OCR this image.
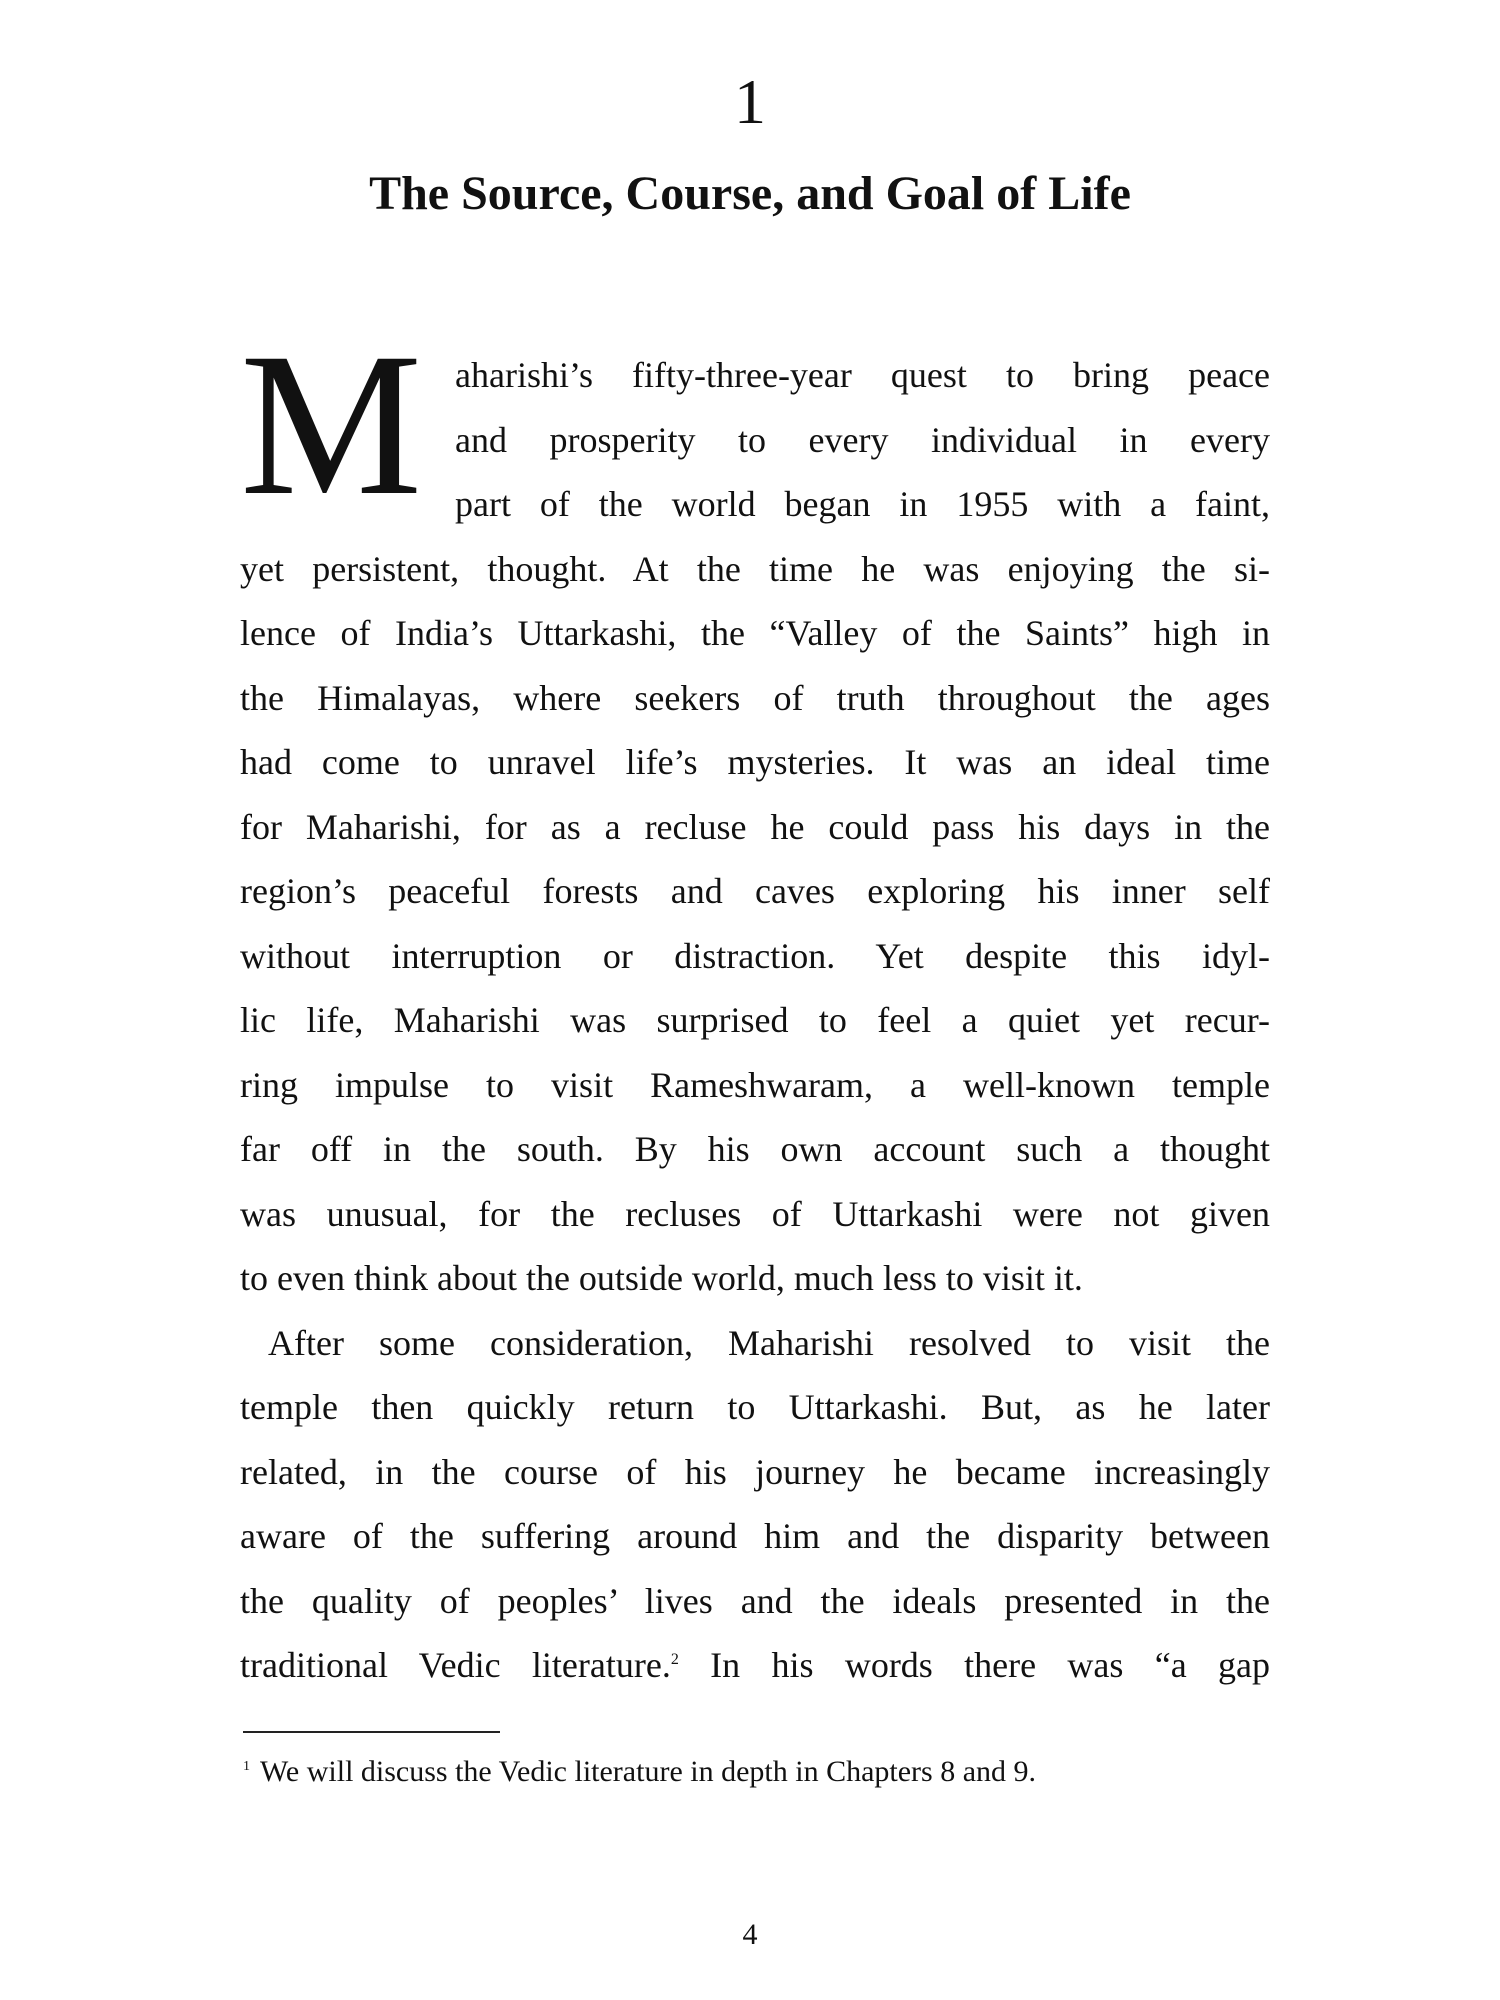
1
The Source, Course, and Goal of Life
M aharishi’s fifty-three-year quest to bring peace
and prosperity to every individual in every
part of the world began in 1955 with a faint,
yet persistent, thought. At the time he was enjoying the si-
lence of India’s Uttarkashi, the “Valley of the Saints” high in
the Himalayas, where seekers of truth throughout the ages
had come to unravel life’s mysteries. It was an ideal time
for Maharishi, for as a recluse he could pass his days in the
region’s peaceful forests and caves exploring his inner self
without interruption or distraction. Yet despite this idyl-
lic life, Maharishi was surprised to feel a quiet yet recur-
ring impulse to visit Rameshwaram, a well-known temple
far off in the south. By his own account such a thought
was unusual, for the recluses of Uttarkashi were not given
to even think about the outside world, much less to visit it.
After some consideration, Maharishi resolved to visit the
temple then quickly return to Uttarkashi. But, as he later
related, in the course of his journey he became increasingly
aware of the suffering around him and the disparity between
the quality of peoples’ lives and the ideals presented in the
traditional Vedic literature.$^2$ In his words there was “a gap
$^1$ We will discuss the Vedic literature in depth in Chapters 8 and 9.
4
